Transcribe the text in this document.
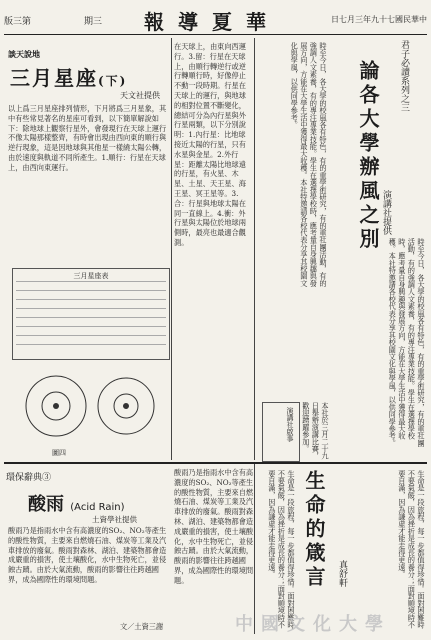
版三第	期三 報導夏華	日七月三年九十七國民華中
談天說地
三月星座(下)
天文社提供
以上爲三月星座排列情形，下月將爲三月星象，其中有些常見著名的星座可看到，以下簡單解說如下：除地球上觀察行星外，會發現行在天球上運行不像太陽那樣整齊，有時會出現由西向東的順行與逆行現象，這是因地球與其他星一樣繞太陽公轉，由於速度與軌道不同所產生。1.順行：行星在天球上，由西向東運行。
三月星座表
圖四
在天球上，由東向西運行。3.留：行星在天球上，由順行轉逆行或逆行轉順行時，好像停止不動一段時期。行星在天球上的運行，與地球的相對位置不斷變化，總結可分為內行星與外行星兩類，以下分別說明：1.內行星：比地球接近太陽的行星，只有水星與金星。2.外行星：距離太陽比地球遠的行星，有火星、木星、土星、天王星、海王星、冥王星等。3.合：行星與地球太陽在同一直線上。4.衝：外行星與太陽位於地球兩側時，最亮也最適合觀測。	時至今日，各大學的校風各有特色，有的重學術研究，有的重社團活動，有的強調人文素養，有的專注專業技能。學生在選擇學校時，應考量自身興趣與發展方向，方能在大學生活中獲得最大收穫。本社特邀請各校代表分享其校園文化與學風，以供同學參考。	君子必讀系列之三
論各大學辦風之別 演講社提供
時至今日，各大學的校風各有特色，有的重學術研究，有的重社團活動，有的強調人文素養，有的專注專業技能。學生在選擇學校時，應考量自身興趣與發展方向，方能在大學生活中獲得最大收穫。本社特邀請各校代表分享其校園文化與學風，以供同學參考。
演講社啟事	本社於三月二十九日舉辦演講比賽，歡迎踴躍參加。
環保辭典③
酸雨 (Acid Rain)
土資學社提供
酸雨乃是指雨水中含有高濃度的SO₂、NO₂等產生的酸性物質，主要來自燃燒石油、煤炭等工業及汽車排放的廢氣。酸雨對森林、湖泊、建築物都會造成嚴重的損害，使土壤酸化，水中生物死亡，並侵蝕古蹟。由於大氣流動，酸雨的影響往往跨越國界，成為國際性的環境問題。
酸雨乃是指雨水中含有高濃度的SO₂、NO₂等產生的酸性物質，主要來自燃燒石油、煤炭等工業及汽車排放的廢氣。酸雨對森林、湖泊、建築物都會造成嚴重的損害，使土壤酸化，水中生物死亡，並侵蝕古蹟。由於大氣流動，酸雨的影響往往跨越國界，成為國際性的環境問題。
文／土資三謝	生命是一段旅程，每一步都值得珍惜。面對困難時不要氣餒，因為挫折是成長的養分；面對順境時不要自滿，因為謙虛才能走得更遠。	生命的箴言	真舒軒	生命是一段旅程，每一步都值得珍惜。面對困難時不要氣餒，因為挫折是成長的養分；面對順境時不要自滿，因為謙虛才能走得更遠。
中國文化大學
